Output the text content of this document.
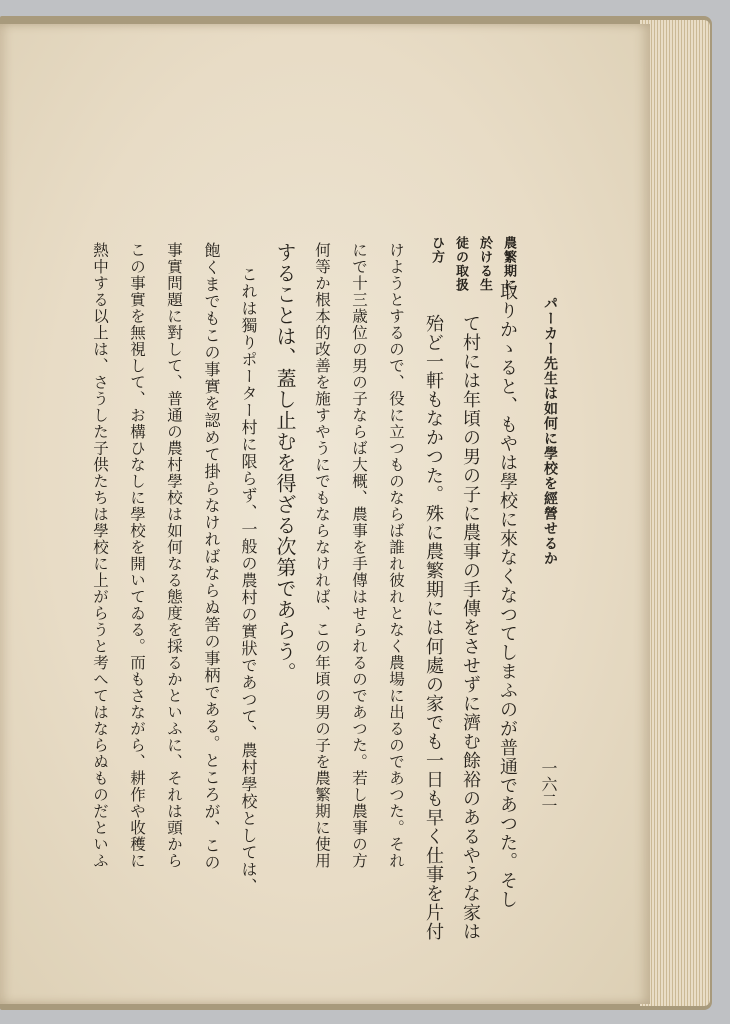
パーカー先生は如何に學校を經營せるか
一六二
農繁期に
於ける生
徒の取扱
ひ方
取りかゝると、もやは學校に來なくなつてしまふのが普通であつた。そし
て村には年頃の男の子に農事の手傳をさせずに濟む餘裕のあるやうな家は
殆ど一軒もなかつた。殊に農繁期には何處の家でも一日も早く仕事を片付
けようとするので、役に立つものならば誰れ彼れとなく農場に出るのであつた。それ
にで十三歳位の男の子ならば大概、農事を手傳はせられるのであつた。若し農事の方
何等か根本的改善を施すやうにでもならなければ、この年頃の男の子を農繁期に使用
することは、蓋し止むを得ざる次第であらう。
これは獨りポーター村に限らず、一般の農村の實狀であつて、農村學校としては、
飽くまでもこの事實を認めて掛らなければならぬ筈の事柄である。ところが、この
事實問題に對して、普通の農村學校は如何なる態度を採るかといふに、それは頭から
この事實を無視して、お構ひなしに學校を開いてゐる。而もさながら、耕作や收穫に
熱中する以上は、さうした子供たちは學校に上がらうと考へてはならぬものだといふ
